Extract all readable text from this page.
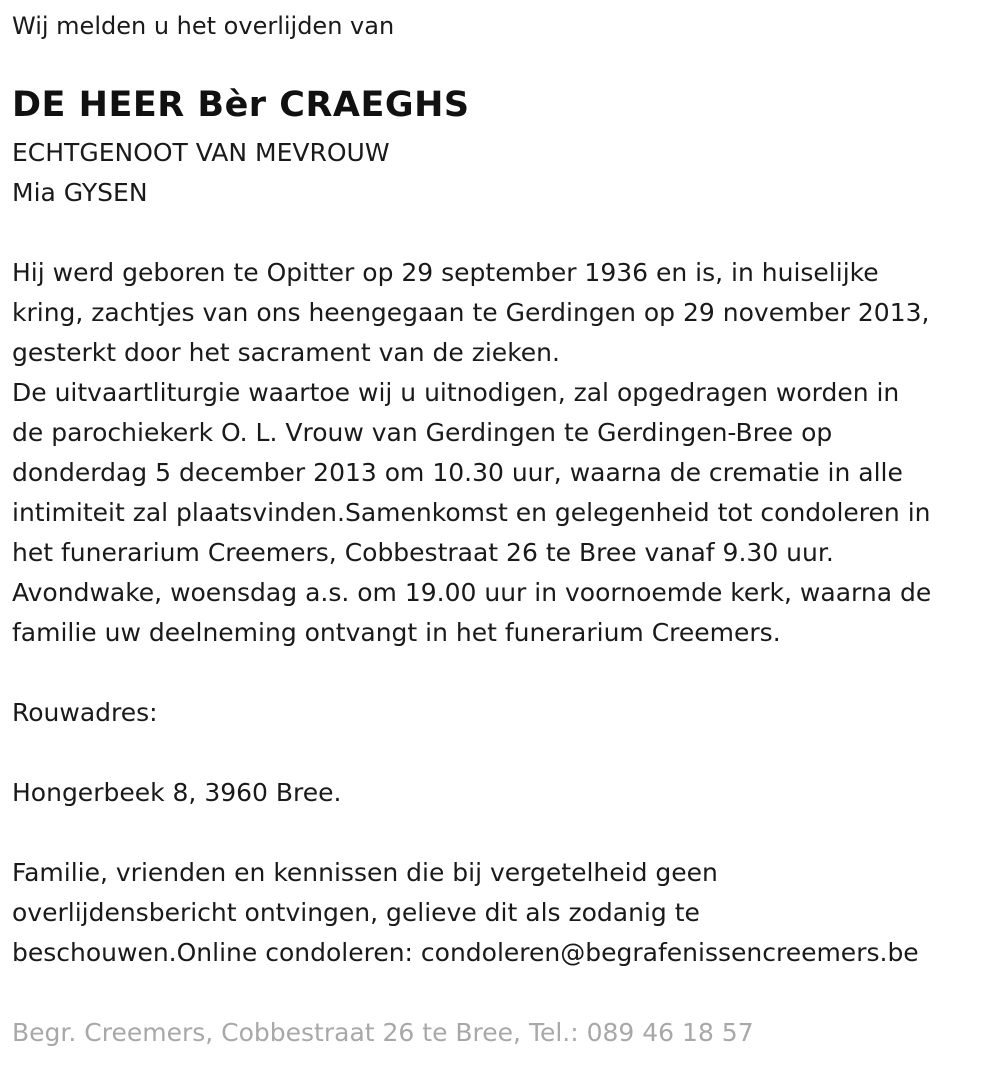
Wij melden u het overlijden van
DE HEER Bèr CRAEGHS
ECHTGENOOT VAN MEVROUW
Mia GYSEN
Hij werd geboren te Opitter op 29 september 1936 en is, in huiselijke
kring, zachtjes van ons heengegaan te Gerdingen op 29 november 2013,
gesterkt door het sacrament van de zieken.
De uitvaartliturgie waartoe wij u uitnodigen, zal opgedragen worden in
de parochiekerk O. L. Vrouw van Gerdingen te Gerdingen-Bree op
donderdag 5 december 2013 om 10.30 uur, waarna de crematie in alle
intimiteit zal plaatsvinden.Samenkomst en gelegenheid tot condoleren in
het funerarium Creemers, Cobbestraat 26 te Bree vanaf 9.30 uur.
Avondwake, woensdag a.s. om 19.00 uur in voornoemde kerk, waarna de
familie uw deelneming ontvangt in het funerarium Creemers.
Rouwadres:
Hongerbeek 8, 3960 Bree.
Familie, vrienden en kennissen die bij vergetelheid geen
overlijdensbericht ontvingen, gelieve dit als zodanig te
beschouwen.Online condoleren: condoleren@begrafenissencreemers.be
Begr. Creemers, Cobbestraat 26 te Bree, Tel.: 089 46 18 57
